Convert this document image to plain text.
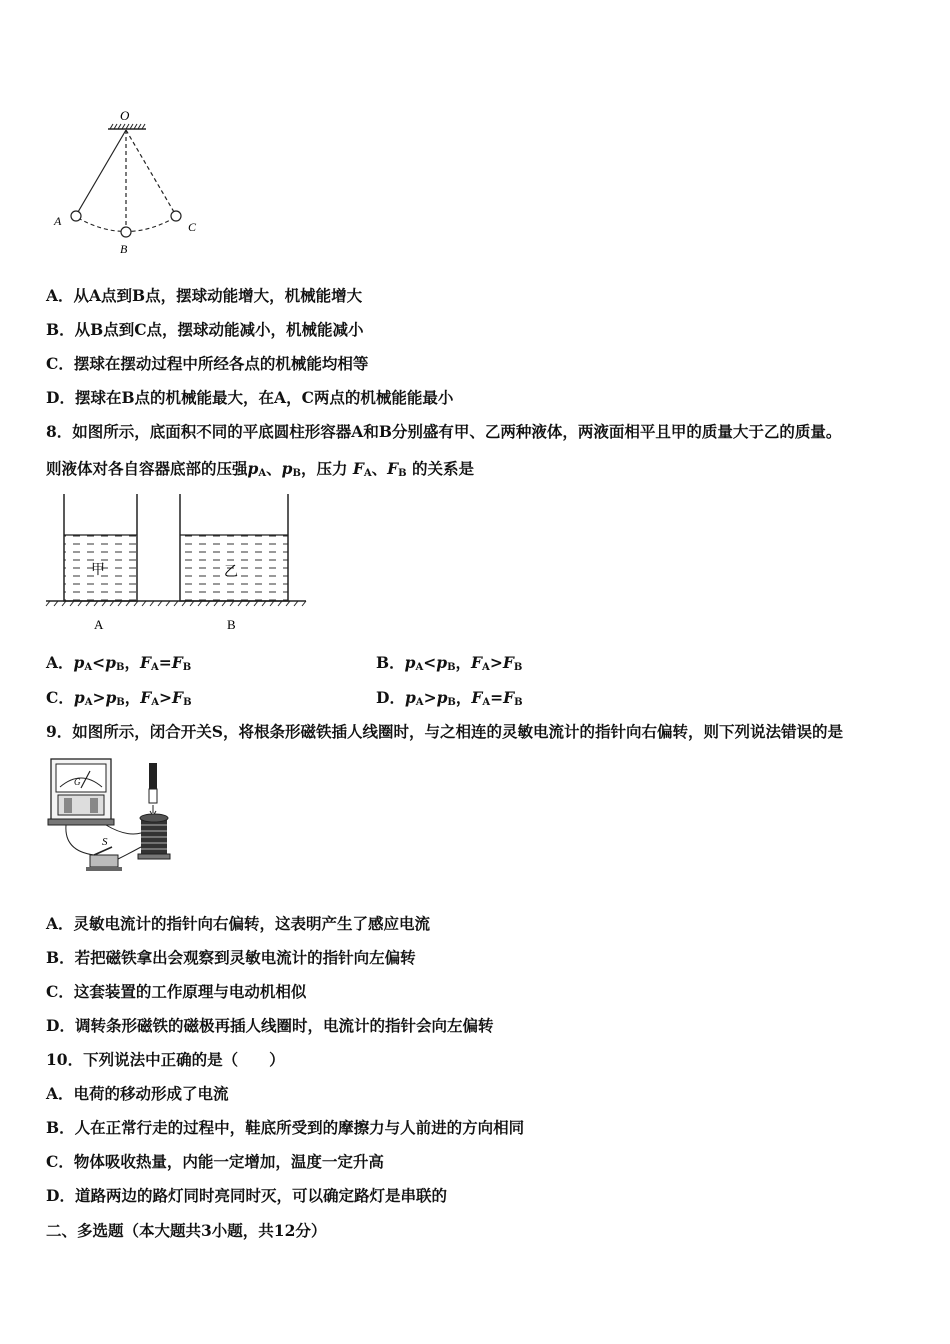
O
A
B
C
A．从A点到B点，摆球动能增大，机械能增大
B．从B点到C点，摆球动能减小，机械能减小
C．摆球在摆动过程中所经各点的机械能均相等
D．摆球在B点的机械能最大，在A，C两点的机械能能最小
8．如图所示，底面积不同的平底圆柱形容器A和B分别盛有甲、乙两种液体，两液面相平且甲的质量大于乙的质量。
则液体对各自容器底部的压强$p_A$、$p_B$，压力 $F_A$、$F_B$ 的关系是
甲	乙
A	B
A．$p_A<p_B$，$F_A=F_B$	B．$p_A<p_B$，$F_A>F_B$
C．$p_A>p_B$，$F_A>F_B$	D．$p_A>p_B$，$F_A=F_B$
9．如图所示，闭合开关S，将根条形磁铁插人线圈时，与之相连的灵敏电流计的指针向右偏转，则下列说法错误的是
G
S
A．灵敏电流计的指针向右偏转，这表明产生了感应电流
B．若把磁铁拿出会观察到灵敏电流计的指针向左偏转
C．这套装置的工作原理与电动机相似
D．调转条形磁铁的磁极再插人线圈时，电流计的指针会向左偏转
10．下列说法中正确的是（　　）
A．电荷的移动形成了电流
B．人在正常行走的过程中，鞋底所受到的摩擦力与人前进的方向相同
C．物体吸收热量，内能一定增加，温度一定升高
D．道路两边的路灯同时亮同时灭，可以确定路灯是串联的
二、多选题（本大题共3小题，共12分）
